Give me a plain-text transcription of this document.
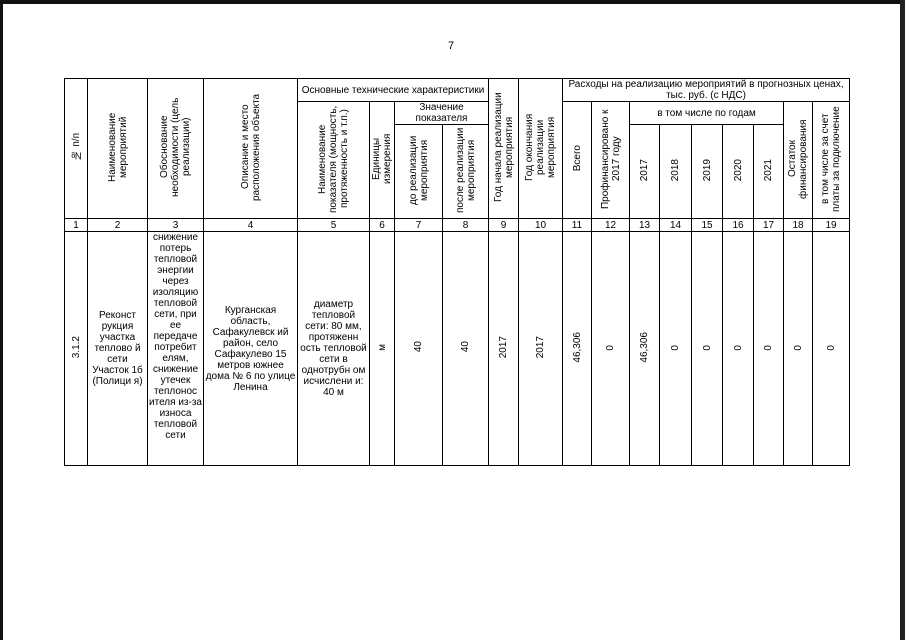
7
№ п/п	Наименование мероприятий	Обоснование необходимости (цель реализации)	Описание и место расположения объекта	Основные технические характеристики				Год начала реализации мероприятия	Год окончания реализации мероприятия	Расходы на реализацию мероприятий в прогнозных ценах, тыс. руб. (с НДС)								

				Наименование показателя (мощность, протяженность и т.п.)	Единицы измерения	Значение показателя				Всего	Профинансировано к 2017 году	в том числе по годам					Остаток финансирования	в том числе за счет платы за подключение
						до реализации мероприятия	после реализации мероприятия					2017	2018	2019	2020	2021		
1	2	3	4	5	6	7	8	9	10	11	12	13	14	15	16	17	18	19
3.1.2	Реконст рукция участка теплово й сети Участок 1б (Полици я)	снижение потерь тепловой энергии через изоляцию тепловой сети, при ее передаче потребит елям, снижение утечек теплонос ителя из-за износа тепловой сети	Курганская область, Сафакулевск ий район, село Сафакулево 15 метров южнее дома № 6 по улице Ленина	диаметр тепловой сети: 80 мм, протяженн ость тепловой сети в однотрубн ом исчислени и: 40 м	м	40	40	2017	2017	46,306	0	46,306	0	0	0	0	0	0
